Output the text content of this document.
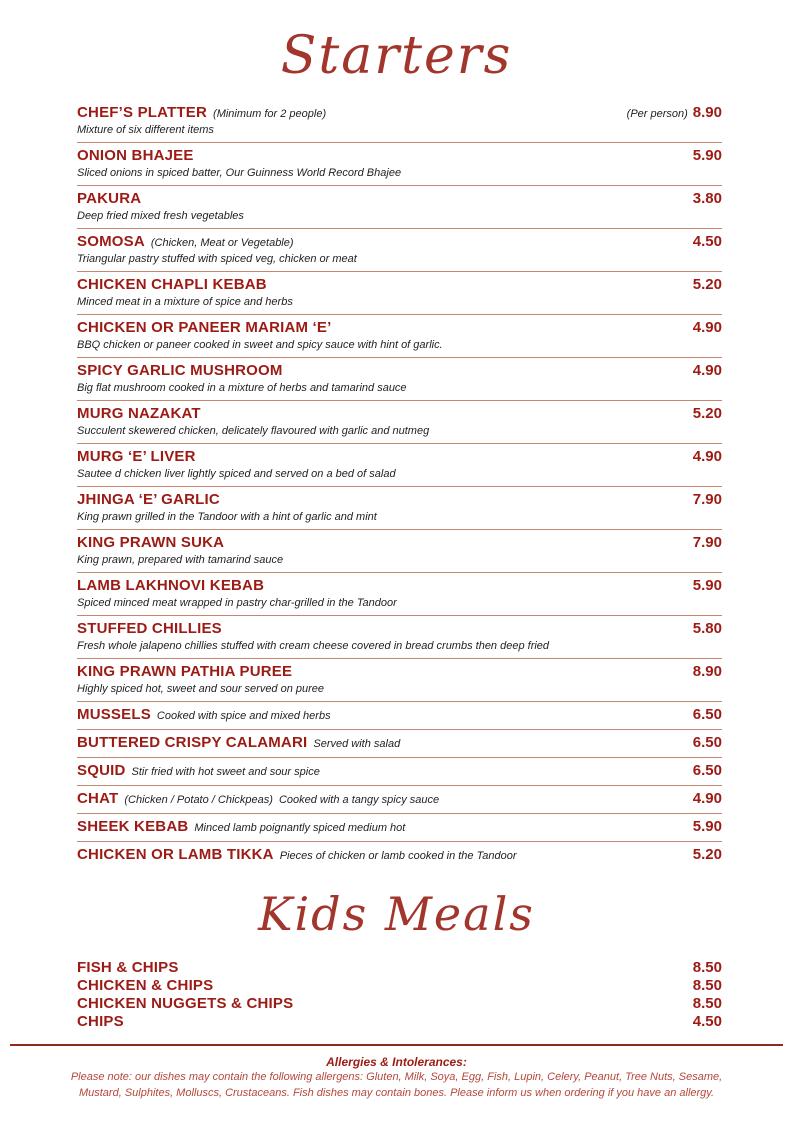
Starters
CHEF’S PLATTER (Minimum for 2 people)	(Per person) 8.90
Mixture of six different items
ONION BHAJEE	5.90
Sliced onions in spiced batter, Our Guinness World Record Bhajee
PAKURA	3.80
Deep fried mixed fresh vegetables
SOMOSA (Chicken, Meat or Vegetable)	4.50
Triangular pastry stuffed with spiced veg, chicken or meat
CHICKEN CHAPLI KEBAB	5.20
Minced meat in a mixture of spice and herbs
CHICKEN OR PANEER MARIAM ‘E’	4.90
BBQ chicken or paneer cooked in sweet and spicy sauce with hint of garlic.
SPICY GARLIC MUSHROOM	4.90
Big flat mushroom cooked in a mixture of herbs and tamarind sauce
MURG NAZAKAT	5.20
Succulent skewered chicken, delicately flavoured with garlic and nutmeg
MURG ‘E’ LIVER	4.90
Sautee d chicken liver lightly spiced and served on a bed of salad
JHINGA ‘E’ GARLIC	7.90
King prawn grilled in the Tandoor with a hint of garlic and mint
KING PRAWN SUKA	7.90
King prawn, prepared with tamarind sauce
LAMB LAKHNOVI KEBAB	5.90
Spiced minced meat wrapped in pastry char-grilled in the Tandoor
STUFFED CHILLIES	5.80
Fresh whole jalapeno chillies stuffed with cream cheese covered in bread crumbs then deep fried
KING PRAWN PATHIA PUREE	8.90
Highly spiced hot, sweet and sour served on puree
MUSSELS Cooked with spice and mixed herbs	6.50
BUTTERED CRISPY CALAMARI Served with salad	6.50
SQUID Stir fried with hot sweet and sour spice	6.50
CHAT (Chicken / Potato / Chickpeas) Cooked with a tangy spicy sauce	4.90
SHEEK KEBAB Minced lamb poignantly spiced medium hot	5.90
CHICKEN OR LAMB TIKKA Pieces of chicken or lamb cooked in the Tandoor	5.20
Kids Meals
FISH & CHIPS	8.50
CHICKEN & CHIPS	8.50
CHICKEN NUGGETS & CHIPS	8.50
CHIPS	4.50
Allergies & Intolerances:
Please note: our dishes may contain the following allergens: Gluten, Milk, Soya, Egg, Fish, Lupin, Celery, Peanut, Tree Nuts, Sesame,
Mustard, Sulphites, Molluscs, Crustaceans. Fish dishes may contain bones. Please inform us when ordering if you have an allergy.
